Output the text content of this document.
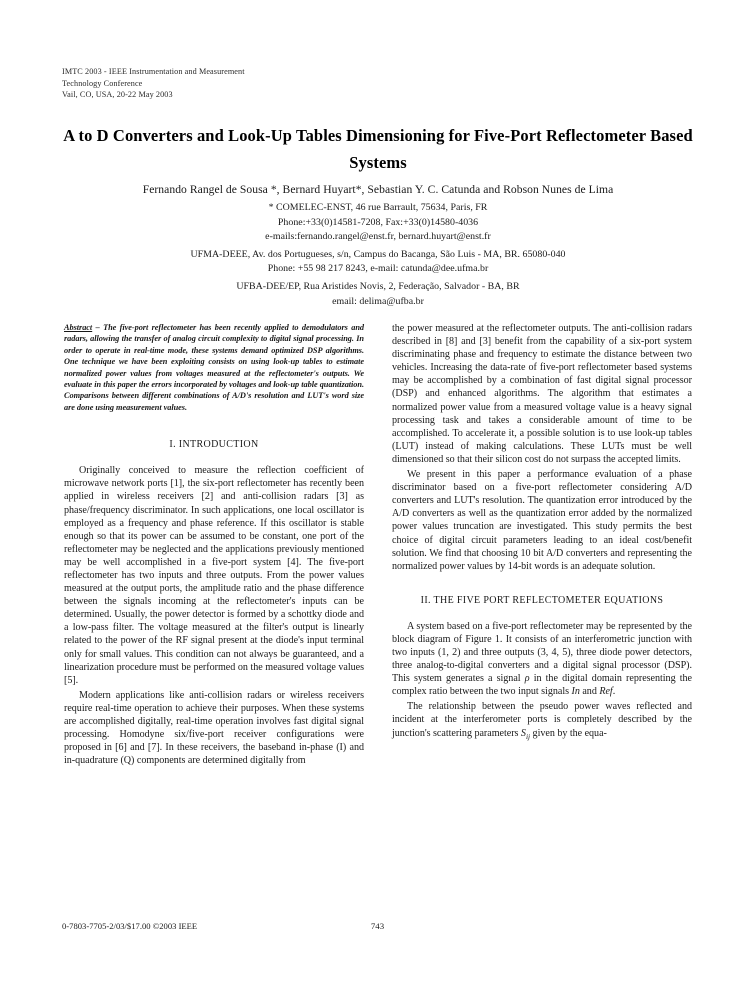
IMTC 2003 - IEEE Instrumentation and Measurement
Technology Conference
Vail, CO, USA, 20-22 May 2003
A to D Converters and Look-Up Tables Dimensioning for Five-Port Reflectometer Based Systems
Fernando Rangel de Sousa *, Bernard Huyart*, Sebastian Y. C. Catunda and Robson Nunes de Lima
* COMELEC-ENST, 46 rue Barrault, 75634, Paris, FR
Phone:+33(0)14581-7208, Fax:+33(0)14580-4036
e-mails:fernando.rangel@enst.fr, bernard.huyart@enst.fr
UFMA-DEEE, Av. dos Portugueses, s/n, Campus do Bacanga, São Luis - MA, BR. 65080-040
Phone: +55 98 217 8243, e-mail: catunda@dee.ufma.br
UFBA-DEE/EP, Rua Aristides Novis, 2, Federação, Salvador - BA, BR
email: delima@ufba.br
Abstract – The five-port reflectometer has been recently applied to demodulators and radars, allowing the transfer of analog circuit complexity to digital signal processing. In order to operate in real-time mode, these systems demand optimized DSP algorithms. One technique we have been exploiting consists on using look-up tables to estimate normalized power values from voltages measured at the reflectometer's outputs. We evaluate in this paper the errors incorporated by voltages and look-up table quantization. Comparisons between different combinations of A/D's resolution and LUT's word size are done using measurement values.
I. INTRODUCTION

Originally conceived to measure the reflection coefficient of microwave network ports [1], the six-port reflectometer has recently been applied in wireless receivers [2] and anti-collision radars [3] as phase/frequency discriminator. In such applications, one local oscillator is employed as a frequency and phase reference. If this oscillator is stable enough so that its power can be assumed to be constant, one port of the reflectometer may be neglected and the applications previously mentioned may be well accomplished in a five-port system [4]. The five-port reflectometer has two inputs and three outputs. From the power values measured at the output ports, the amplitude ratio and the phase difference between the signals incoming at the reflectometer's inputs can be determined. Usually, the power detector is formed by a schottky diode and a low-pass filter. The voltage measured at the filter's output is linearly related to the power of the RF signal present at the diode's input terminal only for small values. This condition can not always be guaranteed, and a linearization procedure must be performed on the measured voltage values [5].

Modern applications like anti-collision radars or wireless receivers require real-time operation to achieve their purposes. When these systems are accomplished digitally, real-time operation involves fast digital signal processing. Homodyne six/five-port receiver configurations were proposed in [6] and [7]. In these receivers, the baseband in-phase (I) and in-quadrature (Q) components are determined digitally from

the power measured at the reflectometer outputs. The anti-collision radars described in [8] and [3] benefit from the capability of a six-port system discriminating phase and frequency to estimate the distance between two vehicles. Increasing the data-rate of five-port reflectometer based systems may be accomplished by a combination of fast digital signal processor (DSP) and enhanced algorithms. The algorithm that estimates a normalized power value from a measured voltage value is a heavy signal processing task and takes a considerable amount of time to be accomplished. To accelerate it, a possible solution is to use look-up tables (LUT) instead of making calculations. These LUTs must be well dimensioned so that their silicon cost do not surpass the accepted limits.

We present in this paper a performance evaluation of a phase discriminator based on a five-port reflectometer considering A/D converters and LUT's resolution. The quantization error introduced by the A/D converters as well as the quantization error added by the normalized power values truncation are investigated. This study permits the best choice of digital circuit parameters leading to an ideal cost/benefit solution. We find that choosing 10 bit A/D converters and representing the normalized power values by 14-bit words is an adequate solution.

II. THE FIVE PORT REFLECTOMETER EQUATIONS

A system based on a five-port reflectometer may be represented by the block diagram of Figure 1. It consists of an interferometric junction with two inputs (1, 2) and three outputs (3, 4, 5), three diode power detectors, three analog-to-digital converters and a digital signal processor (DSP). This system generates a signal ρ in the digital domain representing the complex ratio between the two input signals In and Ref.

The relationship between the pseudo power waves reflected and incident at the interferometer ports is completely described by the junction's scattering parameters $S_{ij}$ given by the equa-

0-7803-7705-2/03/$17.00 ©2003 IEEE	743
